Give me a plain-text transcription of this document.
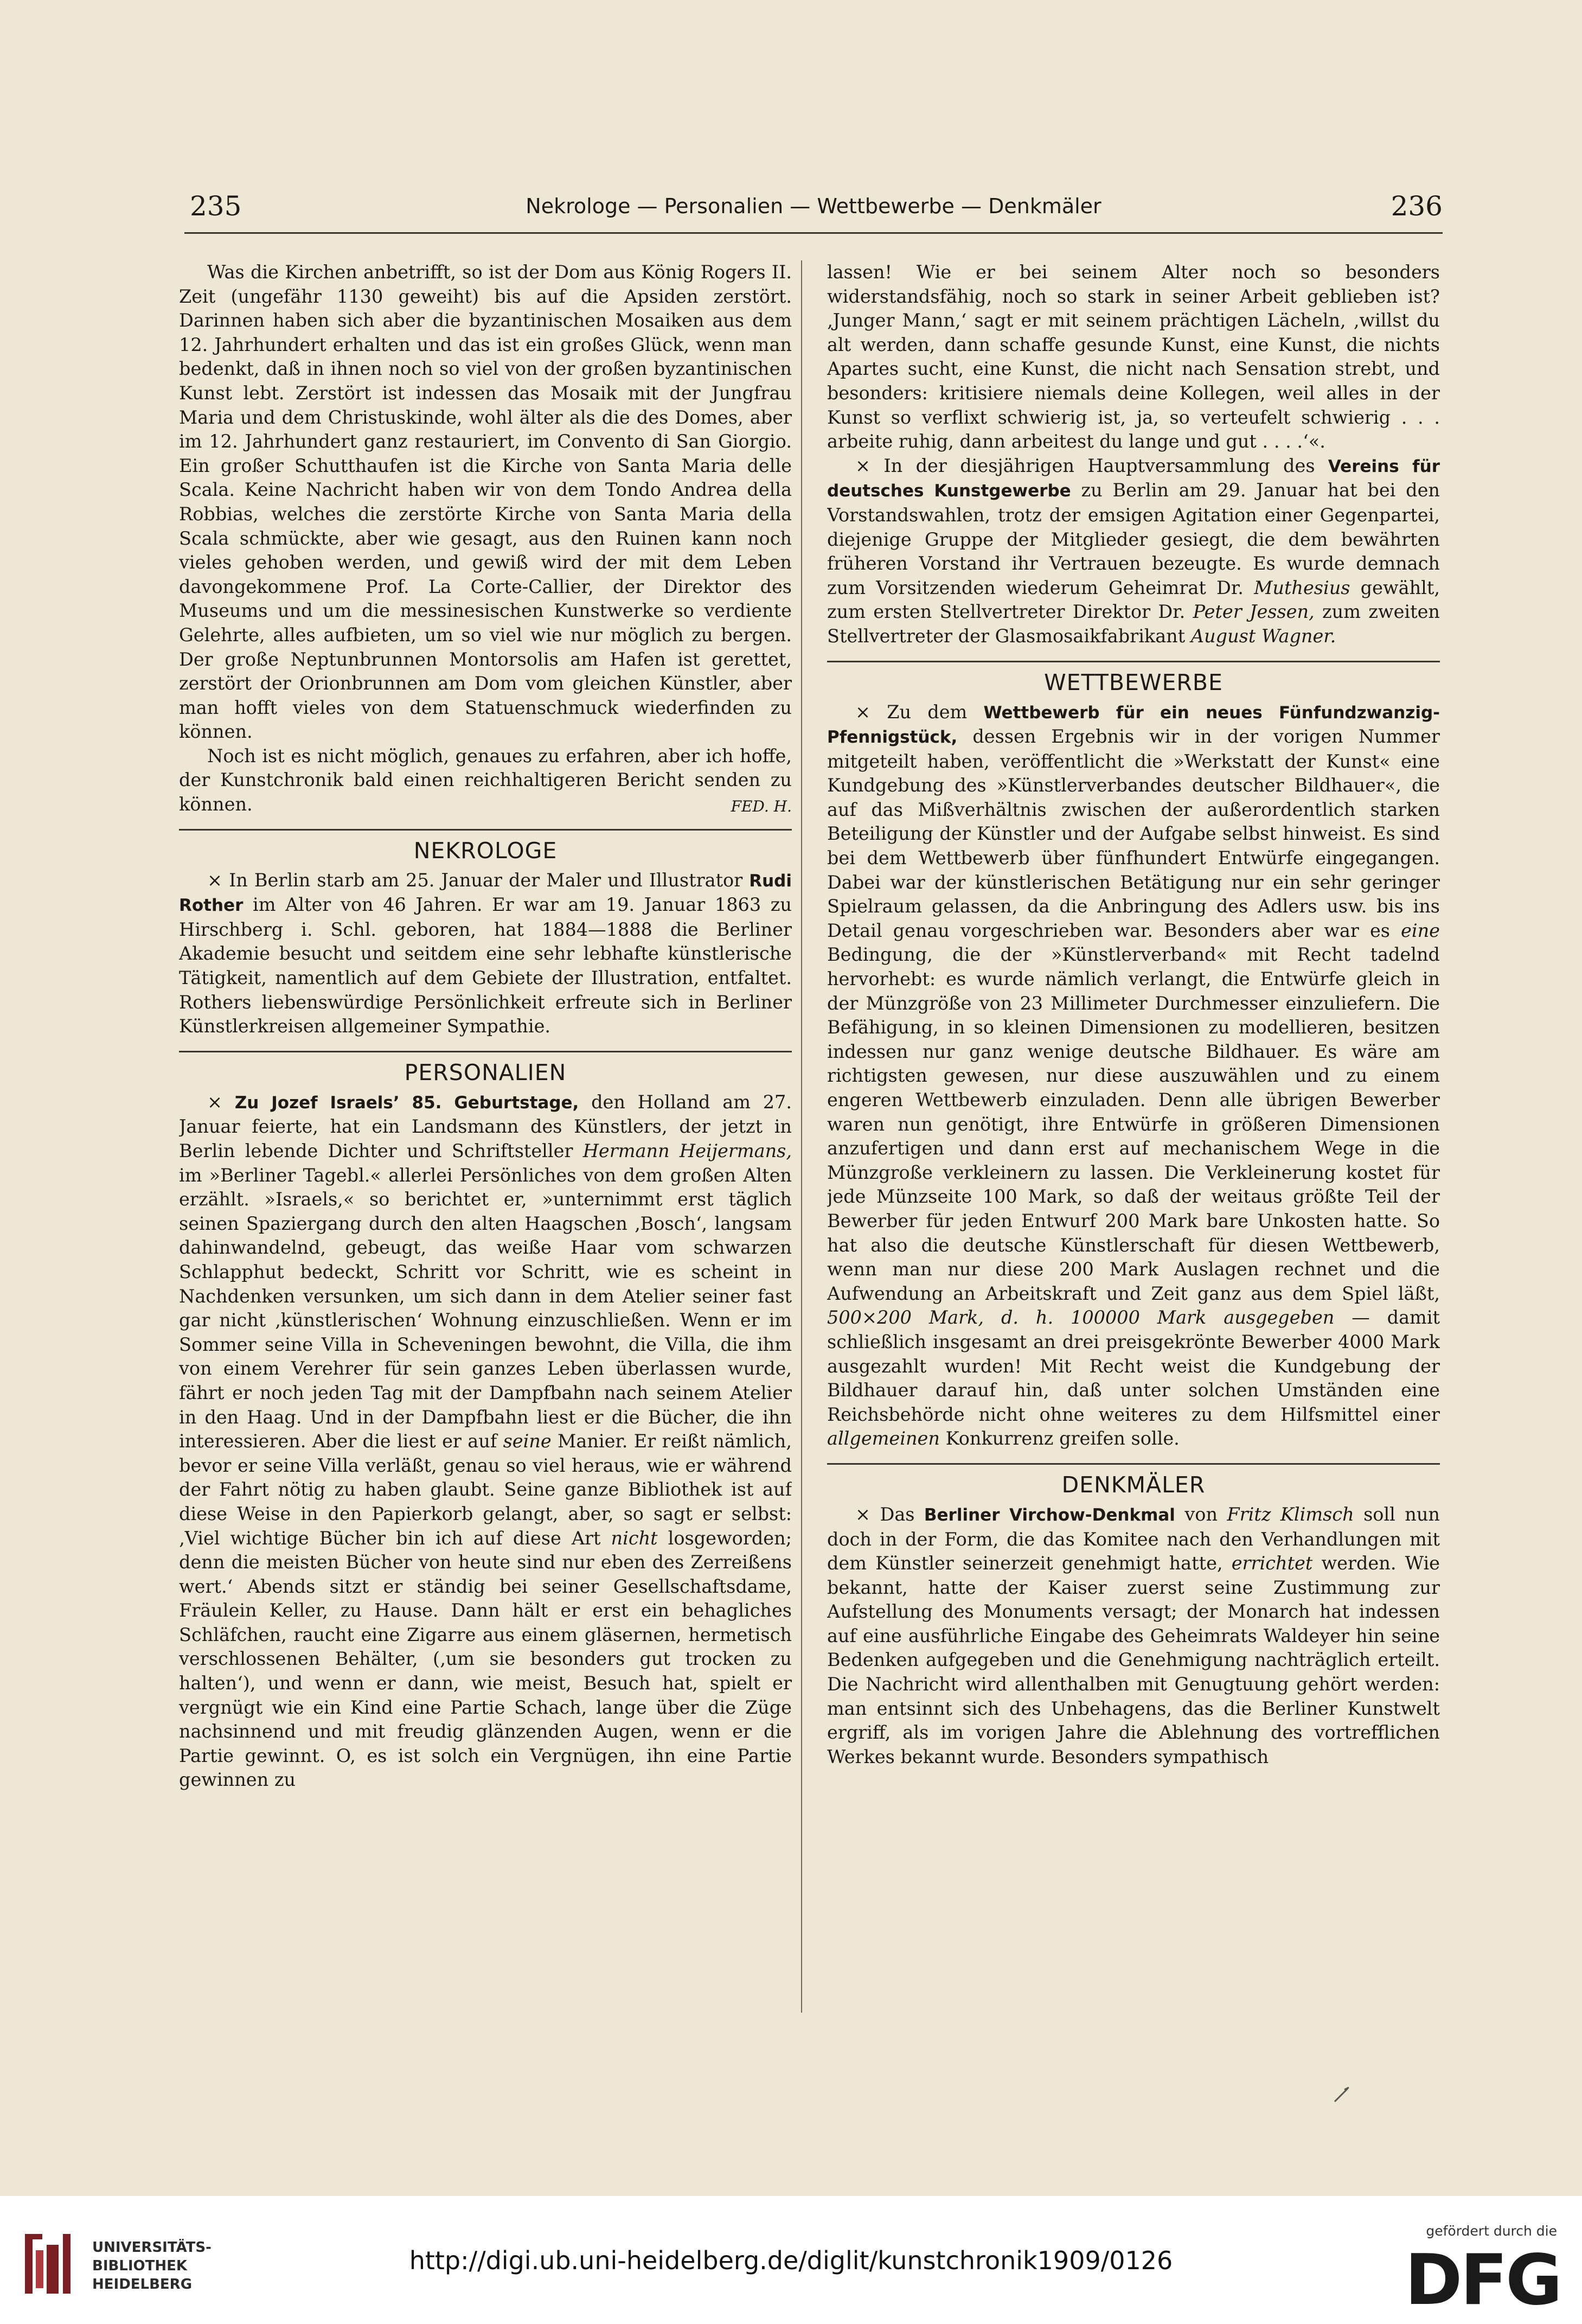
235	Nekrologe — Personalien — Wettbewerbe — Denkmäler	236

Was die Kirchen anbetrifft, so ist der Dom aus König Rogers II. Zeit (ungefähr 1130 geweiht) bis auf die Apsiden zerstört. Darinnen haben sich aber die byzantinischen Mosaiken aus dem 12. Jahrhundert erhalten und das ist ein großes Glück, wenn man bedenkt, daß in ihnen noch so viel von der großen byzantinischen Kunst lebt. Zerstört ist indessen das Mosaik mit der Jungfrau Maria und dem Christuskinde, wohl älter als die des Domes, aber im 12. Jahrhundert ganz restauriert, im Convento di San Giorgio. Ein großer Schutthaufen ist die Kirche von Santa Maria delle Scala. Keine Nachricht haben wir von dem Tondo Andrea della Robbias, welches die zerstörte Kirche von Santa Maria della Scala schmückte, aber wie gesagt, aus den Ruinen kann noch vieles gehoben werden, und gewiß wird der mit dem Leben davongekommene Prof. La Corte-Callier, der Direktor des Museums und um die messinesischen Kunstwerke so verdiente Gelehrte, alles aufbieten, um so viel wie nur möglich zu bergen. Der große Neptunbrunnen Montorsolis am Hafen ist gerettet, zerstört der Orionbrunnen am Dom vom gleichen Künstler, aber man hofft vieles von dem Statuenschmuck wiederfinden zu können.

Noch ist es nicht möglich, genaues zu erfahren, aber ich hoffe, der Kunstchronik bald einen reichhaltigeren Bericht senden zu können.	FED. H.

NEKROLOGE

× In Berlin starb am 25. Januar der Maler und Illustrator Rudi Rother im Alter von 46 Jahren. Er war am 19. Januar 1863 zu Hirschberg i. Schl. geboren, hat 1884—1888 die Berliner Akademie besucht und seitdem eine sehr lebhafte künstlerische Tätigkeit, namentlich auf dem Gebiete der Illustration, entfaltet. Rothers liebenswürdige Persönlichkeit erfreute sich in Berliner Künstlerkreisen allgemeiner Sympathie.

PERSONALIEN

× Zu Jozef Israels’ 85. Geburtstage, den Holland am 27. Januar feierte, hat ein Landsmann des Künstlers, der jetzt in Berlin lebende Dichter und Schriftsteller Hermann Heijermans, im »Berliner Tagebl.« allerlei Persönliches von dem großen Alten erzählt. »Israels,« so berichtet er, »unternimmt erst täglich seinen Spaziergang durch den alten Haagschen ‚Bosch‘, langsam dahinwandelnd, gebeugt, das weiße Haar vom schwarzen Schlapphut bedeckt, Schritt vor Schritt, wie es scheint in Nachdenken versunken, um sich dann in dem Atelier seiner fast gar nicht ‚künstlerischen‘ Wohnung einzuschließen. Wenn er im Sommer seine Villa in Scheveningen bewohnt, die Villa, die ihm von einem Verehrer für sein ganzes Leben überlassen wurde, fährt er noch jeden Tag mit der Dampfbahn nach seinem Atelier in den Haag. Und in der Dampfbahn liest er die Bücher, die ihn interessieren. Aber die liest er auf seine Manier. Er reißt nämlich, bevor er seine Villa verläßt, genau so viel heraus, wie er während der Fahrt nötig zu haben glaubt. Seine ganze Bibliothek ist auf diese Weise in den Papierkorb gelangt, aber, so sagt er selbst: ‚Viel wichtige Bücher bin ich auf diese Art nicht losgeworden; denn die meisten Bücher von heute sind nur eben des Zerreißens wert.‘ Abends sitzt er ständig bei seiner Gesellschaftsdame, Fräulein Keller, zu Hause. Dann hält er erst ein behagliches Schläfchen, raucht eine Zigarre aus einem gläsernen, hermetisch verschlossenen Behälter, (‚um sie besonders gut trocken zu halten‘), und wenn er dann, wie meist, Besuch hat, spielt er vergnügt wie ein Kind eine Partie Schach, lange über die Züge nachsinnend und mit freudig glänzenden Augen, wenn er die Partie gewinnt. O, es ist solch ein Vergnügen, ihn eine Partie gewinnen zu

lassen! Wie er bei seinem Alter noch so besonders widerstandsfähig, noch so stark in seiner Arbeit geblieben ist? ‚Junger Mann,‘ sagt er mit seinem prächtigen Lächeln, ‚willst du alt werden, dann schaffe gesunde Kunst, eine Kunst, die nichts Apartes sucht, eine Kunst, die nicht nach Sensation strebt, und besonders: kritisiere niemals deine Kollegen, weil alles in der Kunst so verflixt schwierig ist, ja, so verteufelt schwierig . . . arbeite ruhig, dann arbeitest du lange und gut . . . .‘«.

× In der diesjährigen Hauptversammlung des Vereins für deutsches Kunstgewerbe zu Berlin am 29. Januar hat bei den Vorstandswahlen, trotz der emsigen Agitation einer Gegenpartei, diejenige Gruppe der Mitglieder gesiegt, die dem bewährten früheren Vorstand ihr Vertrauen bezeugte. Es wurde demnach zum Vorsitzenden wiederum Geheimrat Dr. Muthesius gewählt, zum ersten Stellvertreter Direktor Dr. Peter Jessen, zum zweiten Stellvertreter der Glasmosaikfabrikant August Wagner.

WETTBEWERBE

× Zu dem Wettbewerb für ein neues Fünfundzwanzig-Pfennigstück, dessen Ergebnis wir in der vorigen Nummer mitgeteilt haben, veröffentlicht die »Werkstatt der Kunst« eine Kundgebung des »Künstlerverbandes deutscher Bildhauer«, die auf das Mißverhältnis zwischen der außerordentlich starken Beteiligung der Künstler und der Aufgabe selbst hinweist. Es sind bei dem Wettbewerb über fünfhundert Entwürfe eingegangen. Dabei war der künstlerischen Betätigung nur ein sehr geringer Spielraum gelassen, da die Anbringung des Adlers usw. bis ins Detail genau vorgeschrieben war. Besonders aber war es eine Bedingung, die der »Künstlerverband« mit Recht tadelnd hervorhebt: es wurde nämlich verlangt, die Entwürfe gleich in der Münzgröße von 23 Millimeter Durchmesser einzuliefern. Die Befähigung, in so kleinen Dimensionen zu modellieren, besitzen indessen nur ganz wenige deutsche Bildhauer. Es wäre am richtigsten gewesen, nur diese auszuwählen und zu einem engeren Wettbewerb einzuladen. Denn alle übrigen Bewerber waren nun genötigt, ihre Entwürfe in größeren Dimensionen anzufertigen und dann erst auf mechanischem Wege in die Münzgroße verkleinern zu lassen. Die Verkleinerung kostet für jede Münzseite 100 Mark, so daß der weitaus größte Teil der Bewerber für jeden Entwurf 200 Mark bare Unkosten hatte. So hat also die deutsche Künstlerschaft für diesen Wettbewerb, wenn man nur diese 200 Mark Auslagen rechnet und die Aufwendung an Arbeitskraft und Zeit ganz aus dem Spiel läßt, 500×200 Mark, d. h. 100000 Mark ausgegeben — damit schließlich insgesamt an drei preisgekrönte Bewerber 4000 Mark ausgezahlt wurden! Mit Recht weist die Kundgebung der Bildhauer darauf hin, daß unter solchen Umständen eine Reichsbehörde nicht ohne weiteres zu dem Hilfsmittel einer allgemeinen Konkurrenz greifen solle.

DENKMÄLER

× Das Berliner Virchow-Denkmal von Fritz Klimsch soll nun doch in der Form, die das Komitee nach den Verhandlungen mit dem Künstler seinerzeit genehmigt hatte, errichtet werden. Wie bekannt, hatte der Kaiser zuerst seine Zustimmung zur Aufstellung des Monuments versagt; der Monarch hat indessen auf eine ausführliche Eingabe des Geheimrats Waldeyer hin seine Bedenken aufgegeben und die Genehmigung nachträglich erteilt. Die Nachricht wird allenthalben mit Genugtuung gehört werden: man entsinnt sich des Unbehagens, das die Berliner Kunstwelt ergriff, als im vorigen Jahre die Ablehnung des vortrefflichen Werkes bekannt wurde. Besonders sympathisch

UNIVERSITÄTS-
BIBLIOTHEK
HEIDELBERG
http://digi.ub.uni-heidelberg.de/diglit/kunstchronik1909/0126
gefördert durch die
DFG
